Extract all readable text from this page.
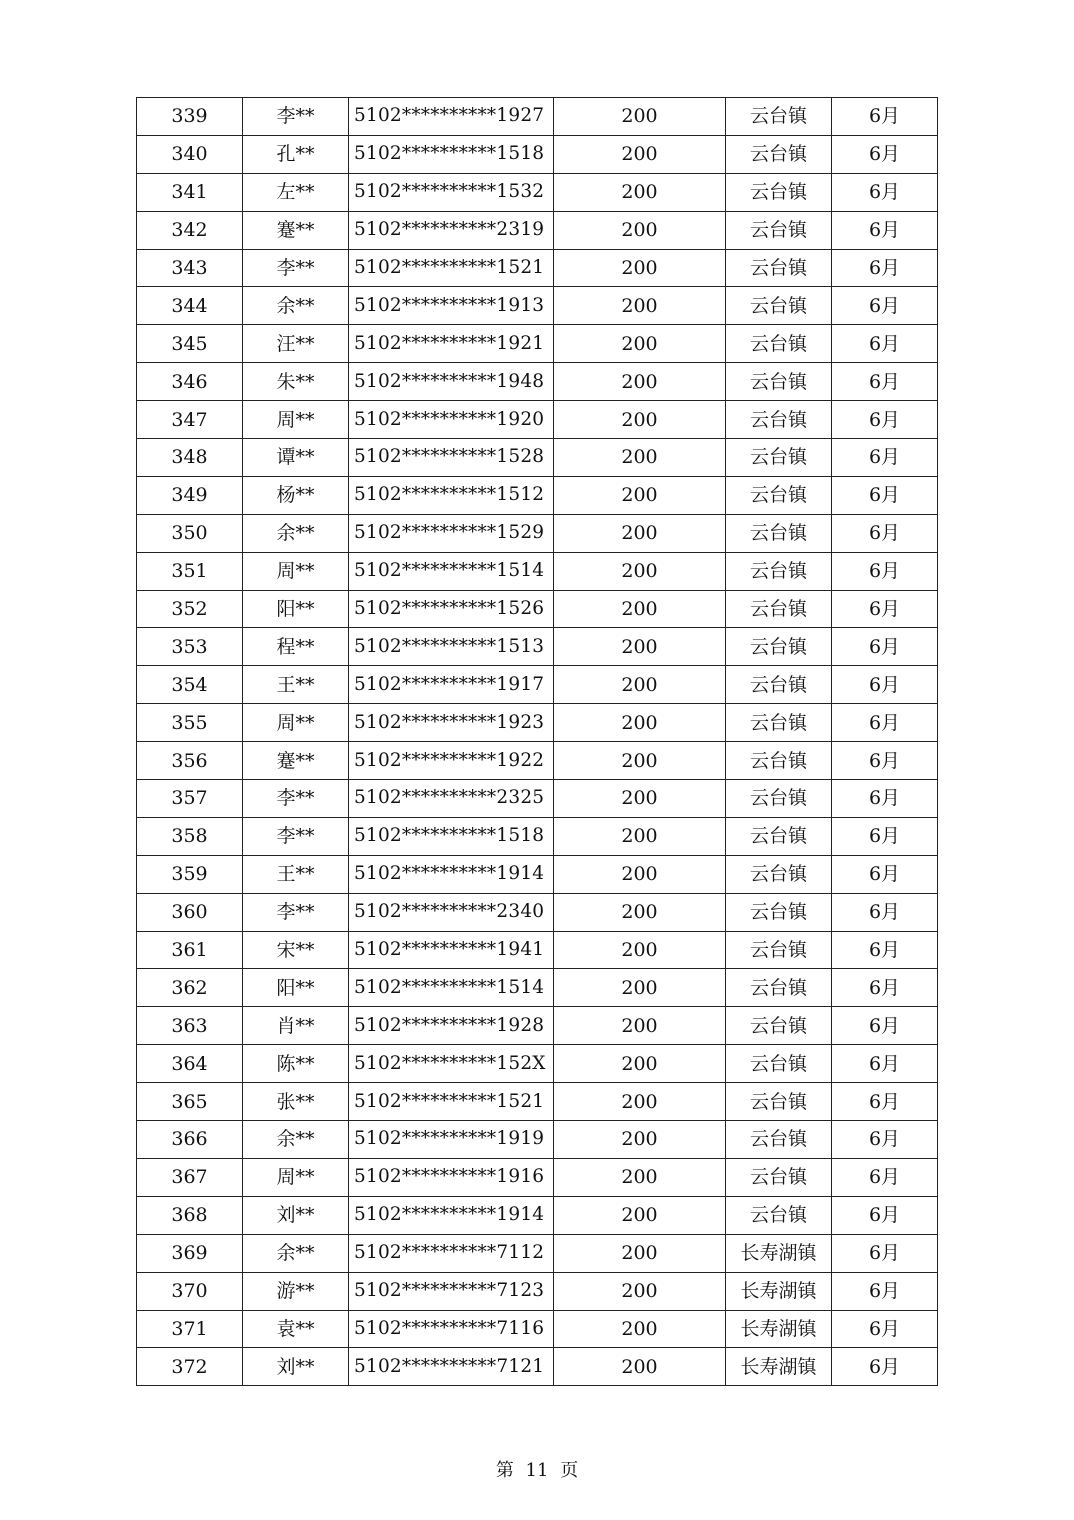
339	李**	5102**********1927	200	云台镇	6月
340	孔**	5102**********1518	200	云台镇	6月
341	左**	5102**********1532	200	云台镇	6月
342	蹇**	5102**********2319	200	云台镇	6月
343	李**	5102**********1521	200	云台镇	6月
344	余**	5102**********1913	200	云台镇	6月
345	汪**	5102**********1921	200	云台镇	6月
346	朱**	5102**********1948	200	云台镇	6月
347	周**	5102**********1920	200	云台镇	6月
348	谭**	5102**********1528	200	云台镇	6月
349	杨**	5102**********1512	200	云台镇	6月
350	余**	5102**********1529	200	云台镇	6月
351	周**	5102**********1514	200	云台镇	6月
352	阳**	5102**********1526	200	云台镇	6月
353	程**	5102**********1513	200	云台镇	6月
354	王**	5102**********1917	200	云台镇	6月
355	周**	5102**********1923	200	云台镇	6月
356	蹇**	5102**********1922	200	云台镇	6月
357	李**	5102**********2325	200	云台镇	6月
358	李**	5102**********1518	200	云台镇	6月
359	王**	5102**********1914	200	云台镇	6月
360	李**	5102**********2340	200	云台镇	6月
361	宋**	5102**********1941	200	云台镇	6月
362	阳**	5102**********1514	200	云台镇	6月
363	肖**	5102**********1928	200	云台镇	6月
364	陈**	5102**********152X	200	云台镇	6月
365	张**	5102**********1521	200	云台镇	6月
366	余**	5102**********1919	200	云台镇	6月
367	周**	5102**********1916	200	云台镇	6月
368	刘**	5102**********1914	200	云台镇	6月
369	余**	5102**********7112	200	长寿湖镇	6月
370	游**	5102**********7123	200	长寿湖镇	6月
371	袁**	5102**********7116	200	长寿湖镇	6月
372	刘**	5102**********7121	200	长寿湖镇	6月
第 11 页
